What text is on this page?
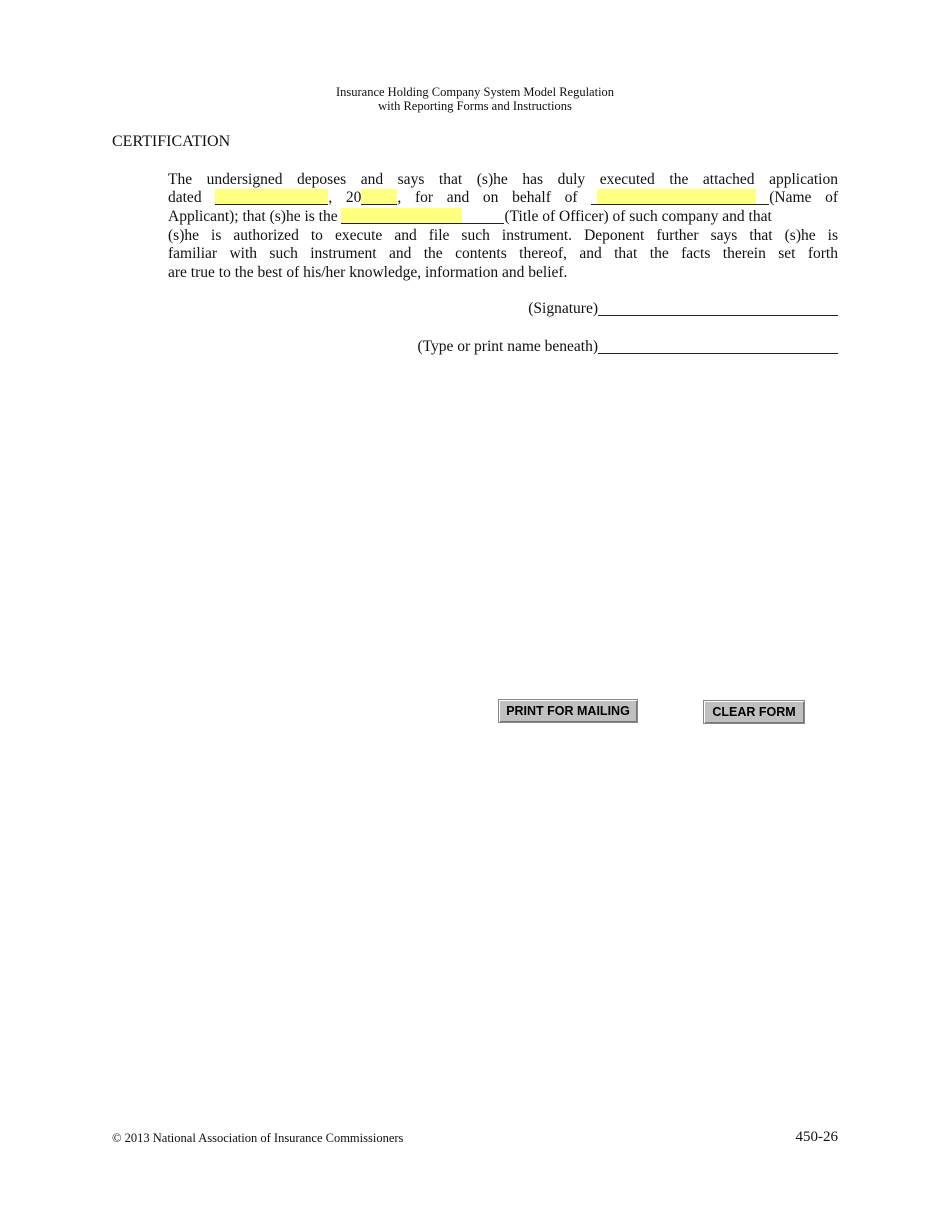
Insurance Holding Company System Model Regulation
with Reporting Forms and Instructions
CERTIFICATION
The undersigned deposes and says that (s)he has duly executed the attached application
dated	, 20 , for and on behalf of	(Name of
Applicant); that (s)he is the	(Title of Officer) of such company and that
(s)he is authorized to execute and file such instrument. Deponent further says that (s)he is
familiar with such instrument and the contents thereof, and that the facts therein set forth
are true to the best of his/her knowledge, information and belief.
(Signature)
(Type or print name beneath)
PRINT FOR MAILING	CLEAR FORM
© 2013 National Association of Insurance Commissioners	450-26
